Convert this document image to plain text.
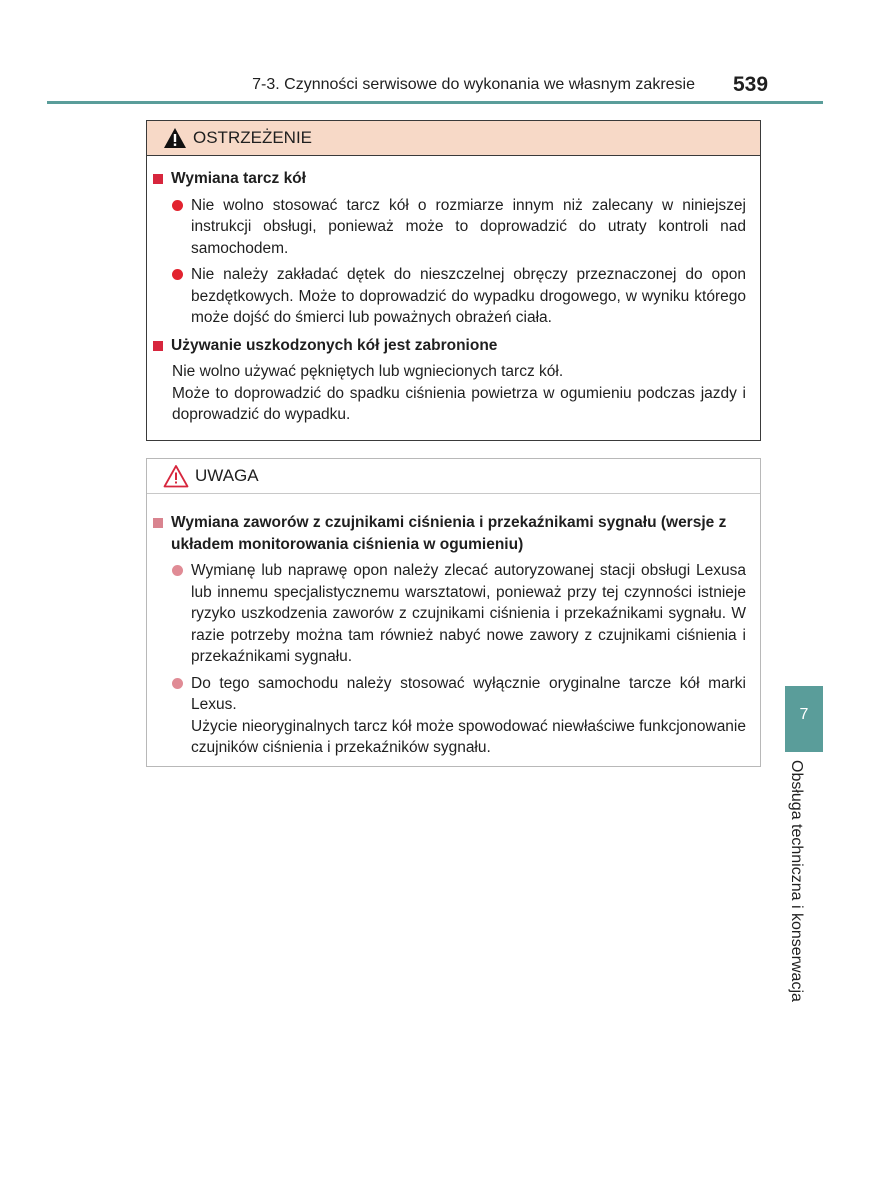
7-3. Czynności serwisowe do wykonania we własnym zakresie 539
OSTRZEŻENIE
Wymiana tarcz kół
Nie wolno stosować tarcz kół o rozmiarze innym niż zalecany w niniejszej instrukcji obsługi, ponieważ może to doprowadzić do utraty kontroli nad samochodem.
Nie należy zakładać dętek do nieszczelnej obręczy przeznaczonej do opon bezdętkowych. Może to doprowadzić do wypadku drogowego, w wyniku którego może dojść do śmierci lub poważnych obrażeń ciała.
Używanie uszkodzonych kół jest zabronione
Nie wolno używać pękniętych lub wgniecionych tarcz kół.
Może to doprowadzić do spadku ciśnienia powietrza w ogumieniu podczas jazdy i doprowadzić do wypadku.
UWAGA
Wymiana zaworów z czujnikami ciśnienia i przekaźnikami sygnału (wersje z układem monitorowania ciśnienia w ogumieniu)
Wymianę lub naprawę opon należy zlecać autoryzowanej stacji obsługi Lexusa lub innemu specjalistycznemu warsztatowi, ponieważ przy tej czynności istnieje ryzyko uszkodzenia zaworów z czujnikami ciśnienia i przekaźnikami sygnału. W razie potrzeby można tam również nabyć nowe zawory z czujnikami ciśnienia i przekaźnikami sygnału.
Do tego samochodu należy stosować wyłącznie oryginalne tarcze kół marki Lexus.
Użycie nieoryginalnych tarcz kół może spowodować niewłaściwe funkcjonowanie czujników ciśnienia i przekaźników sygnału.
7
Obsługa techniczna i konserwacja
